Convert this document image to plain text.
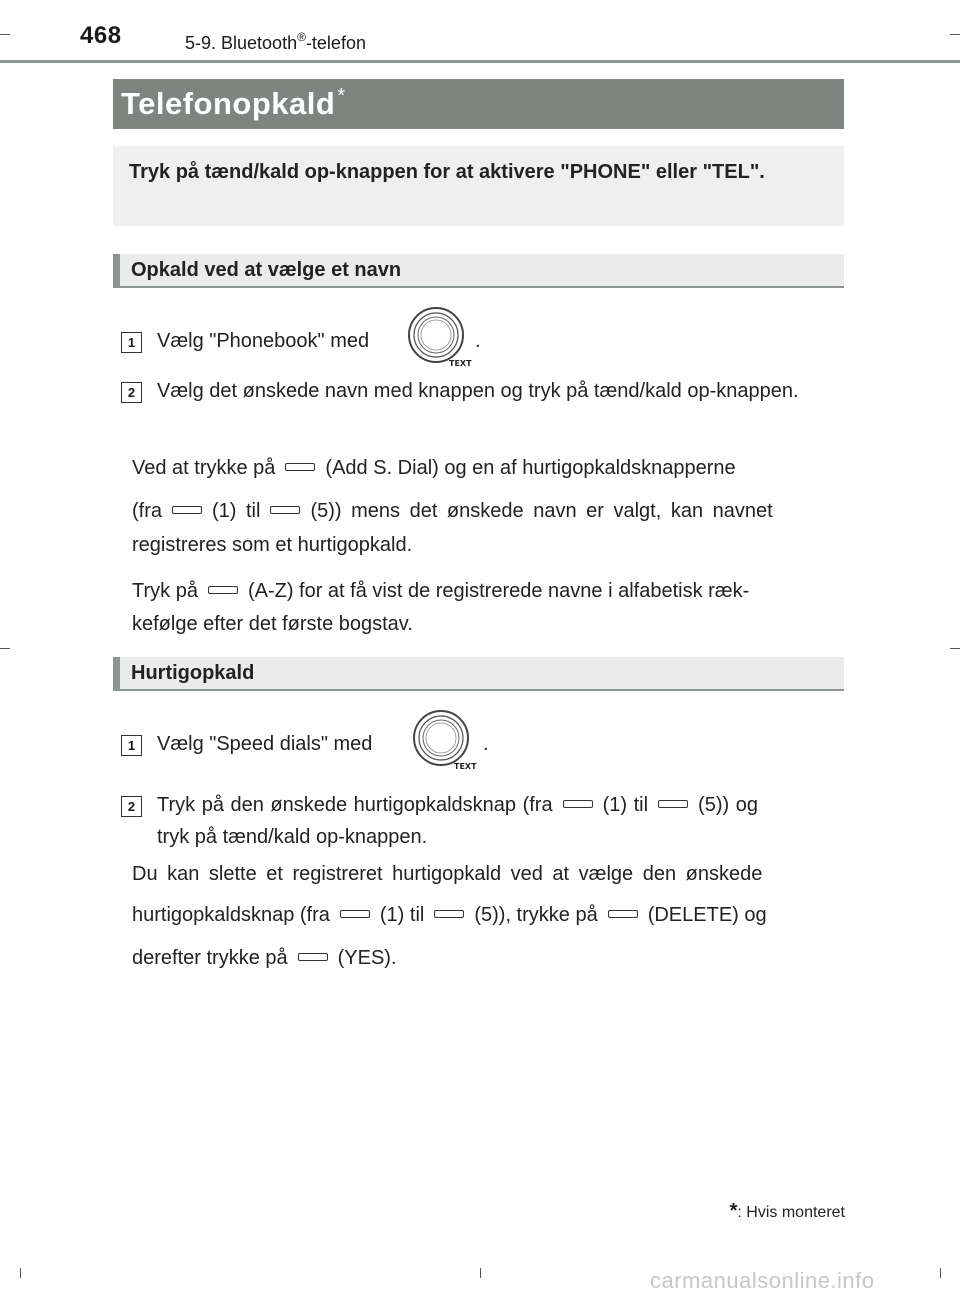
468	5-9. Bluetooth®-telefon
Telefonopkald *
Tryk på tænd/kald op-knappen for at aktivere "PHONE" eller "TEL".
Opkald ved at vælge et navn
1	Vælg "Phonebook" med
TEXT
.
2	Vælg det ønskede navn med knappen og tryk på tænd/kald op-knappen.
Ved at trykke på	(Add S. Dial) og en af hurtigopkaldsknapperne
(fra	(1) til	(5)) mens det ønskede navn er valgt, kan navnet
registreres som et hurtigopkald.
Tryk på	(A-Z) for at få vist de registrerede navne i alfabetisk ræk-
kefølge efter det første bogstav.
Hurtigopkald
1	Vælg "Speed dials" med
TEXT
.
2	Tryk på den ønskede hurtigopkaldsknap (fra	(1) til	(5)) og
tryk på tænd/kald op-knappen.
Du kan slette et registreret hurtigopkald ved at vælge den ønskede
hurtigopkaldsknap (fra	(1) til	(5)), trykke på	(DELETE) og
derefter trykke på	(YES).
*: Hvis monteret
carmanualsonline.info
